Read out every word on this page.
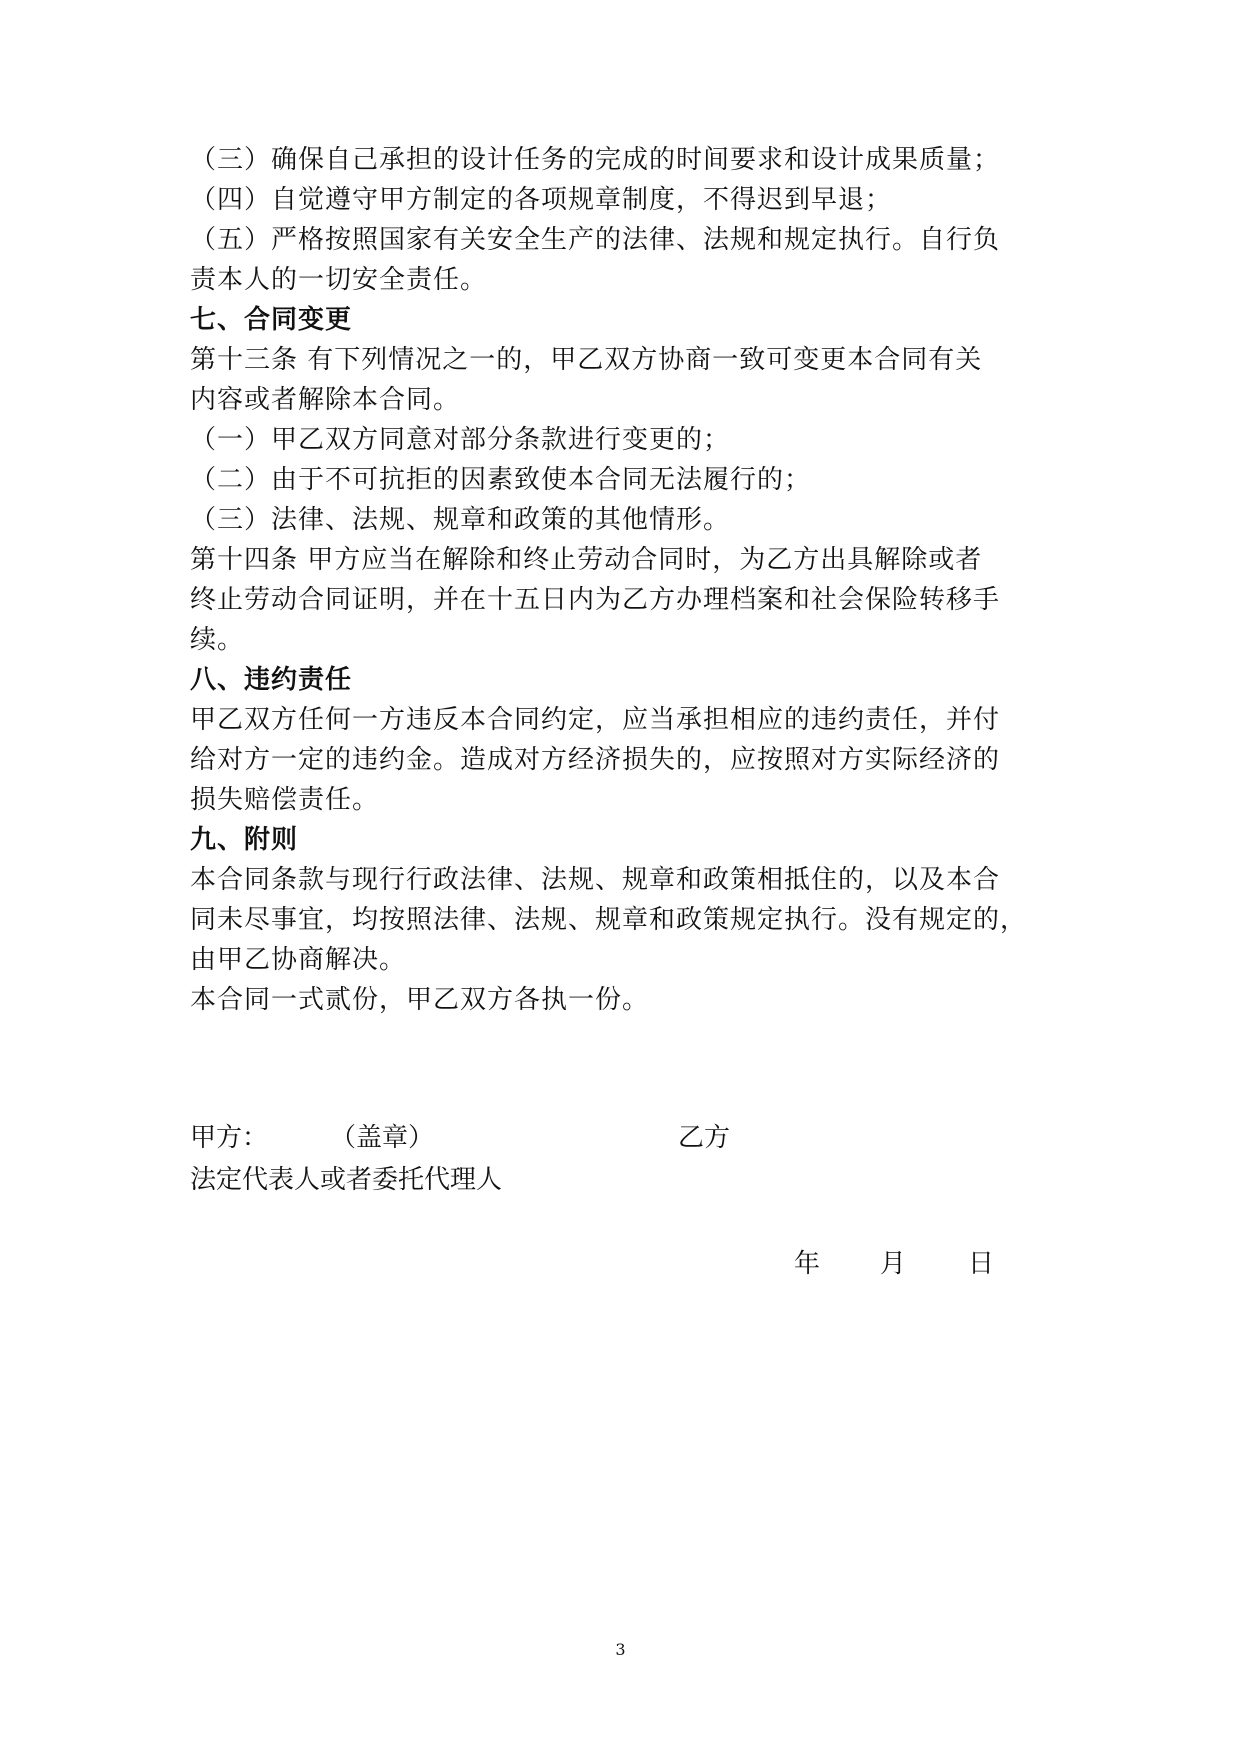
（三）确保自己承担的设计任务的完成的时间要求和设计成果质量；
（四）自觉遵守甲方制定的各项规章制度，不得迟到早退；
（五）严格按照国家有关安全生产的法律、法规和规定执行。自行负
责本人的一切安全责任。
七、合同变更
第十三条 有下列情况之一的，甲乙双方协商一致可变更本合同有关
内容或者解除本合同。
（一）甲乙双方同意对部分条款进行变更的；
（二）由于不可抗拒的因素致使本合同无法履行的；
（三）法律、法规、规章和政策的其他情形。
第十四条 甲方应当在解除和终止劳动合同时，为乙方出具解除或者
终止劳动合同证明，并在十五日内为乙方办理档案和社会保险转移手
续。
八、违约责任
甲乙双方任何一方违反本合同约定，应当承担相应的违约责任，并付
给对方一定的违约金。造成对方经济损失的，应按照对方实际经济的
损失赔偿责任。
九、附则
本合同条款与现行行政法律、法规、规章和政策相抵住的，以及本合
同未尽事宜，均按照法律、法规、规章和政策规定执行。没有规定的，
由甲乙协商解决。
本合同一式贰份，甲乙双方各执一份。
甲方： （盖章）	乙方
法定代表人或者委托代理人
年 月 日
3
